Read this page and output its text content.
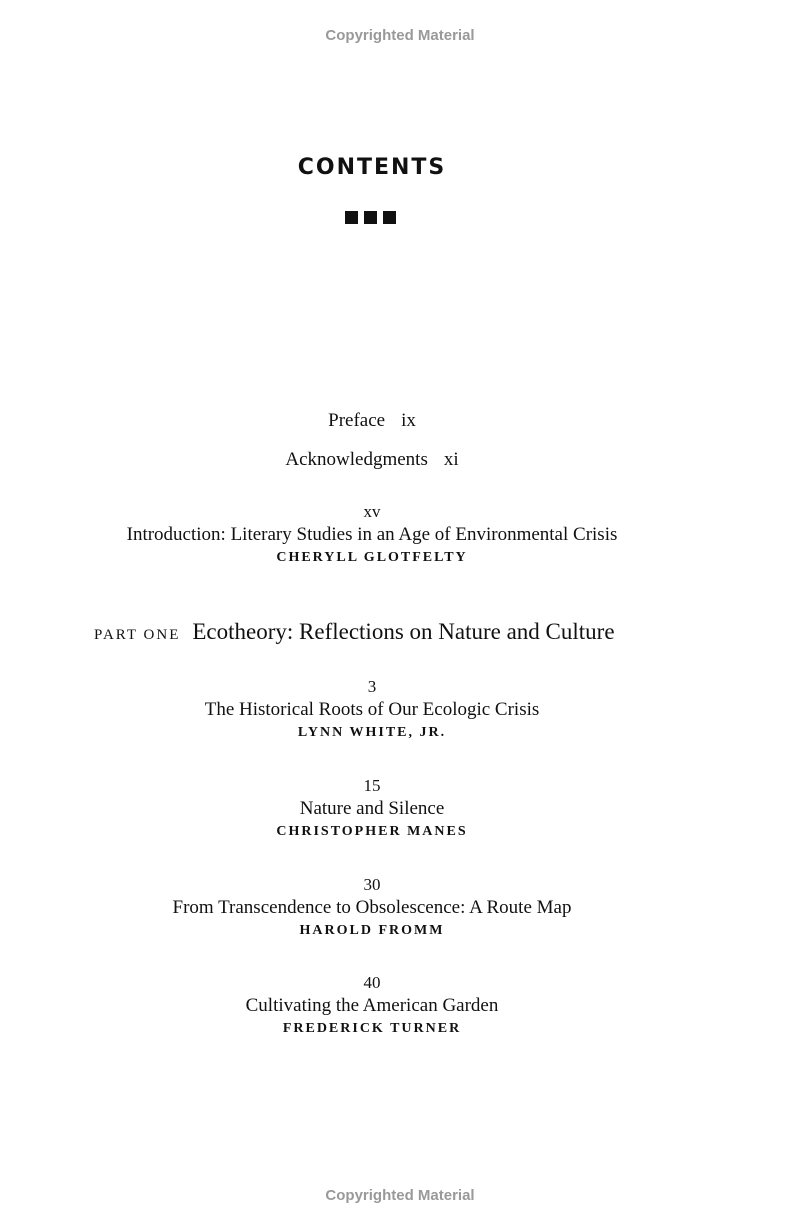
Copyrighted Material
CONTENTS
Preface ix
Acknowledgments xi
xv
Introduction: Literary Studies in an Age of Environmental Crisis
CHERYLL GLOTFELTY
PART ONE Ecotheory: Reflections on Nature and Culture
3
The Historical Roots of Our Ecologic Crisis
LYNN WHITE, JR.
15
Nature and Silence
CHRISTOPHER MANES
30
From Transcendence to Obsolescence: A Route Map
HAROLD FROMM
40
Cultivating the American Garden
FREDERICK TURNER
Copyrighted Material
